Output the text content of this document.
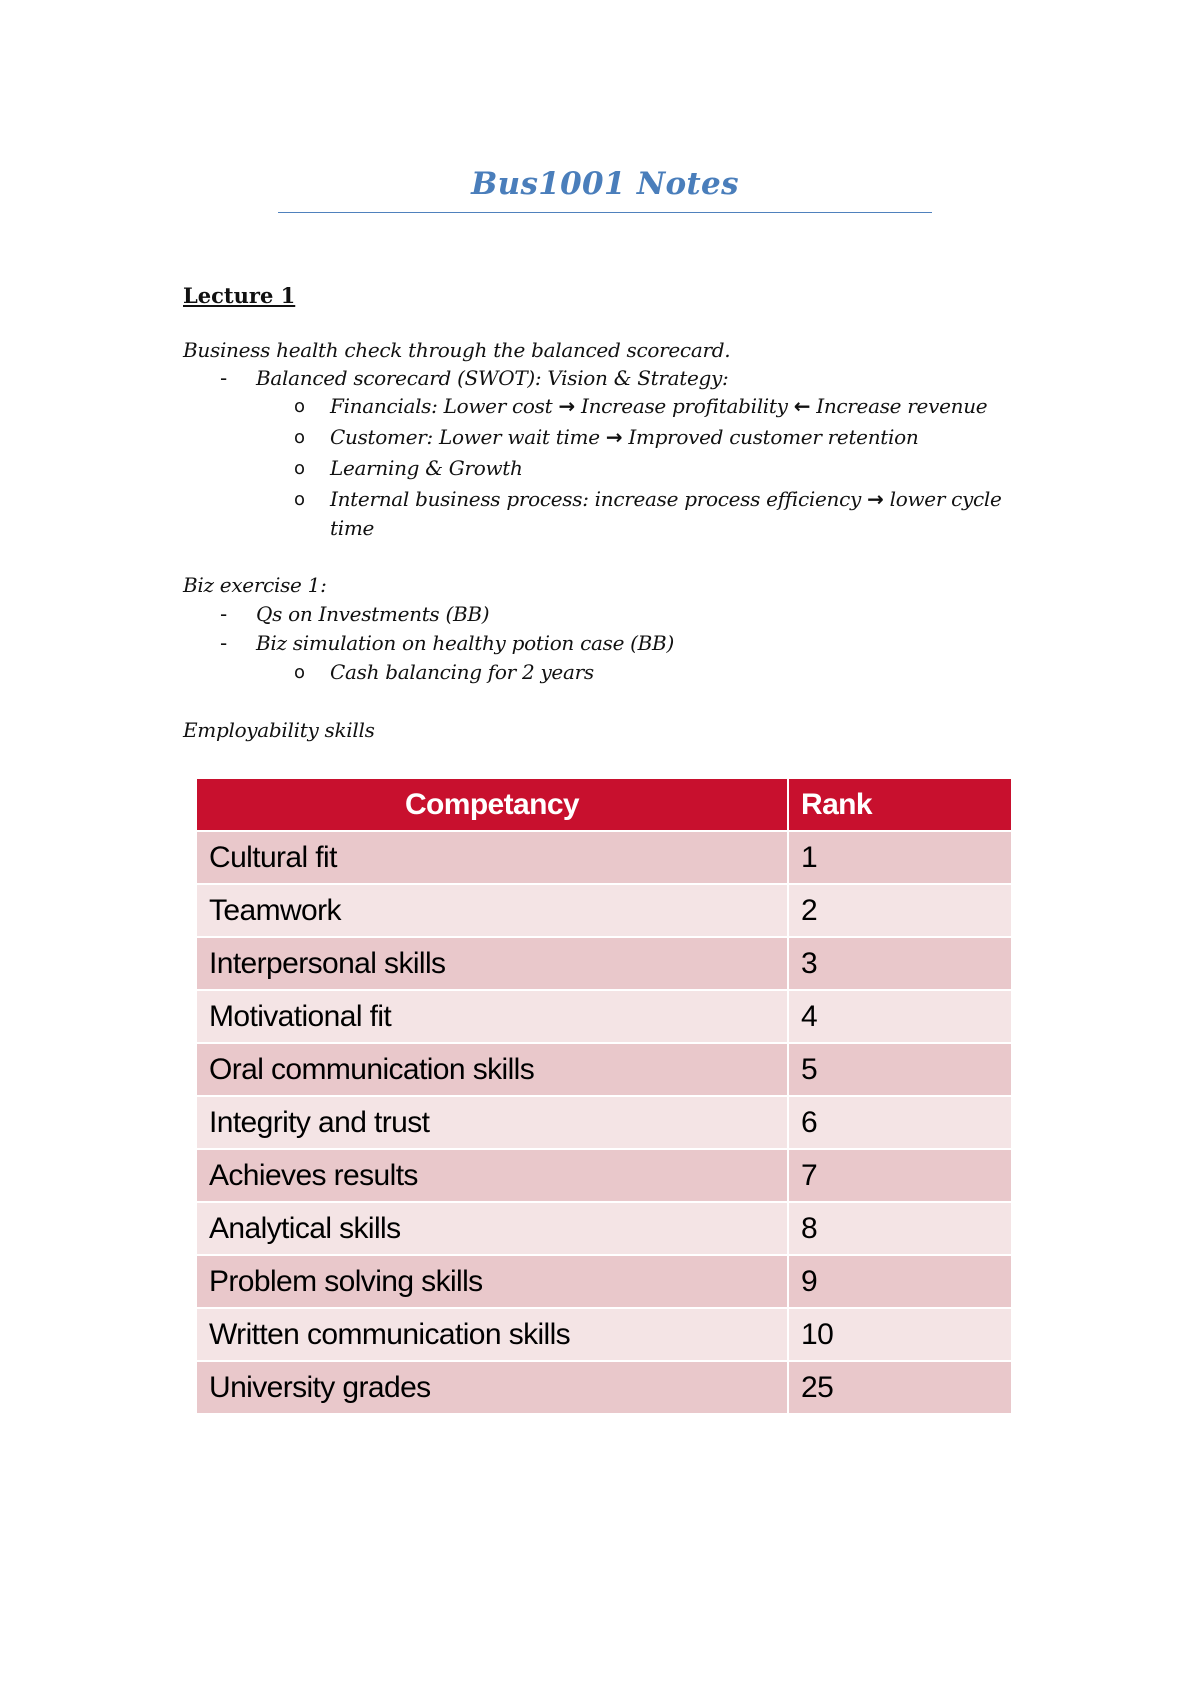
Bus1001 Notes
Lecture 1
Business health check through the balanced scorecard.
- Balanced scorecard (SWOT): Vision & Strategy:
o Financials: Lower cost → Increase profitability ← Increase revenue
o Customer: Lower wait time → Improved customer retention
o Learning & Growth
o Internal business process: increase process efficiency → lower cycle
time
Biz exercise 1:
- Qs on Investments (BB)
- Biz simulation on healthy potion case (BB)
o Cash balancing for 2 years
Employability skills
Competancy	Rank
Cultural fit	1
Teamwork	2
Interpersonal skills	3
Motivational fit	4
Oral communication skills	5
Integrity and trust	6
Achieves results	7
Analytical skills	8
Problem solving skills	9
Written communication skills	10
University grades	25
